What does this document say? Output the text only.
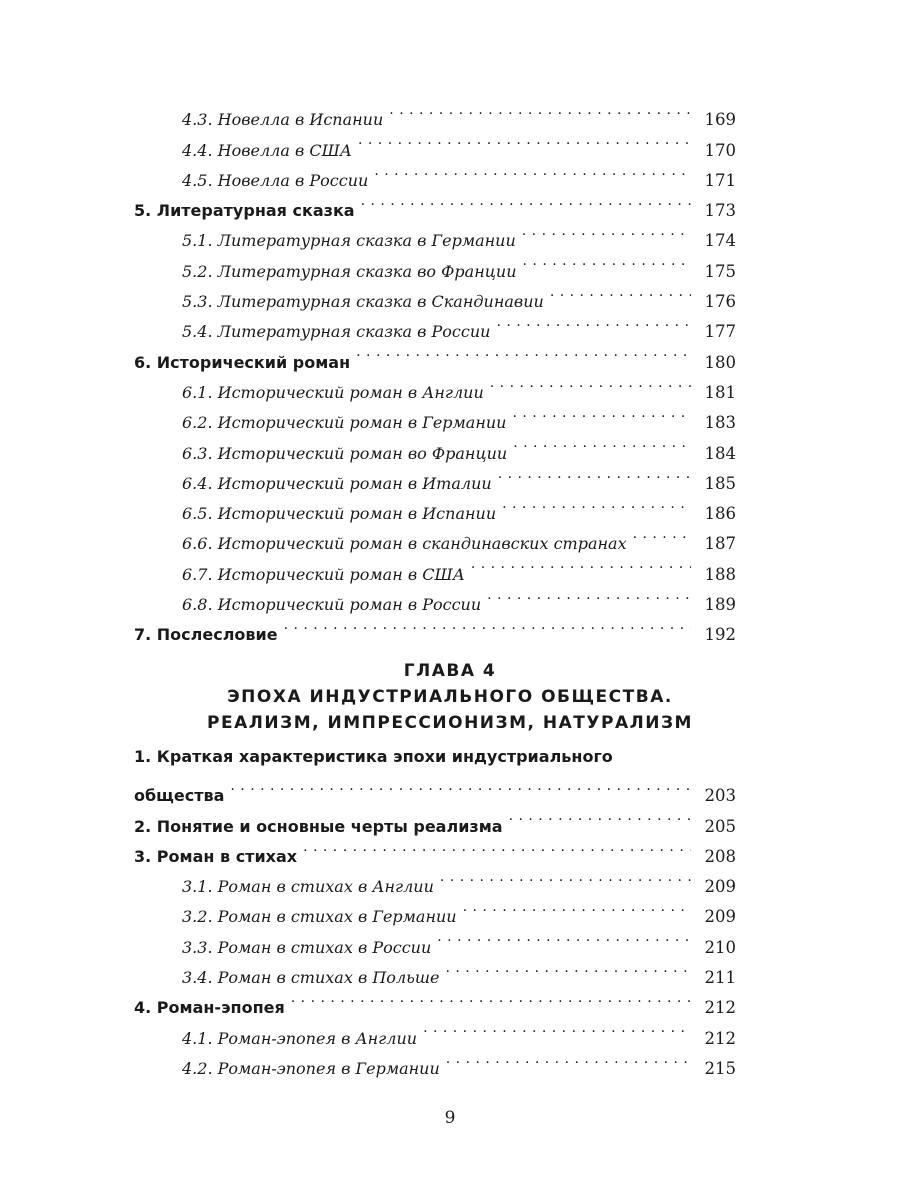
4.3. Новелла в Испании . . .	169
4.4. Новелла в США . . .	170
4.5. Новелла в России . . .	171
5. Литературная сказка . . .	173
5.1. Литературная сказка в Германии . . .	174
5.2. Литературная сказка во Франции . . .	175
5.3. Литературная сказка в Скандинавии . . .	176
5.4. Литературная сказка в России . . .	177
6. Исторический роман . . .	180
6.1. Исторический роман в Англии . . .	181
6.2. Исторический роман в Германии . . .	183
6.3. Исторический роман во Франции . . .	184
6.4. Исторический роман в Италии . . .	185
6.5. Исторический роман в Испании . . .	186
6.6. Исторический роман в скандинавских странах . . .	187
6.7. Исторический роман в США . . .	188
6.8. Исторический роман в России . . .	189
7. Послесловие . . .	192
ГЛАВА 4
ЭПОХА ИНДУСТРИАЛЬНОГО ОБЩЕСТВА.
РЕАЛИЗМ, ИМПРЕССИОНИЗМ, НАТУРАЛИЗМ
1. Краткая характеристика эпохи индустриального
общества . . .	203
2. Понятие и основные черты реализма . . .	205
3. Роман в стихах . . .	208
3.1. Роман в стихах в Англии . . .	209
3.2. Роман в стихах в Германии . . .	209
3.3. Роман в стихах в России . . .	210
3.4. Роман в стихах в Польше . . .	211
4. Роман-эпопея . . .	212
4.1. Роман-эпопея в Англии . . .	212
4.2. Роман-эпопея в Германии . . .	215
9
